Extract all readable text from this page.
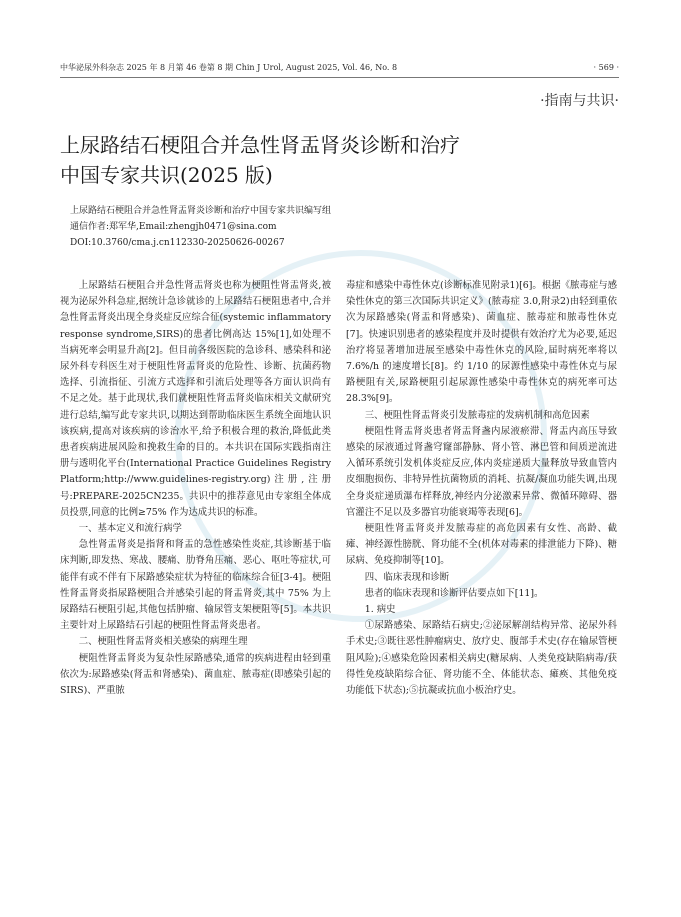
中华泌尿外科杂志 2025 年 8 月第 46 卷第 8 期 Chin J Urol, August 2025, Vol. 46, No. 8	· 569 ·
·指南与共识·
上尿路结石梗阻合并急性肾盂肾炎诊断和治疗
中国专家共识(2025 版)
上尿路结石梗阻合并急性肾盂肾炎诊断和治疗中国专家共识编写组
通信作者:郑军华,Email:zhengjh0471@sina.com
DOI:10.3760/cma.j.cn112330-20250626-00267

上尿路结石梗阻合并急性肾盂肾炎也称为梗阻性肾盂肾炎,被视为泌尿外科急症,据统计急诊就诊的上尿路结石梗阻患者中,合并急性肾盂肾炎出现全身炎症反应综合征(systemic inflammatory response syndrome,SIRS)的患者比例高达 15%[1],如处理不当病死率会明显升高[2]。但目前各级医院的急诊科、感染科和泌尿外科专科医生对于梗阻性肾盂肾炎的危险性、诊断、抗菌药物选择、引流指征、引流方式选择和引流后处理等各方面认识尚有不足之处。基于此现状,我们就梗阻性肾盂肾炎临床相关文献研究进行总结,编写此专家共识,以期达到帮助临床医生系统全面地认识该疾病,提高对该疾病的诊治水平,给予积极合理的救治,降低此类患者疾病进展风险和挽救生命的目的。本共识在国际实践指南注册与透明化平台(International Practice Guidelines Registry Platform;http://www.guidelines-registry.org)注册,注册号:PREPARE-2025CN235。共识中的推荐意见由专家组全体成员投票,同意的比例≥75% 作为达成共识的标准。

一、基本定义和流行病学

急性肾盂肾炎是指肾和肾盂的急性感染性炎症,其诊断基于临床判断,即发热、寒战、腰痛、肋脊角压痛、恶心、呕吐等症状,可能伴有或不伴有下尿路感染症状为特征的临床综合征[3-4]。梗阻性肾盂肾炎指尿路梗阻合并感染引起的肾盂肾炎,其中 75% 为上尿路结石梗阻引起,其他包括肿瘤、输尿管支架梗阻等[5]。本共识主要针对上尿路结石引起的梗阻性肾盂肾炎患者。

二、梗阻性肾盂肾炎相关感染的病理生理

梗阻性肾盂肾炎为复杂性尿路感染,通常的疾病进程由轻到重依次为:尿路感染(肾盂和肾感染)、菌血症、脓毒症(即感染引起的SIRS)、严重脓

毒症和感染中毒性休克(诊断标准见附录1)[6]。根据《脓毒症与感染性休克的第三次国际共识定义》(脓毒症 3.0,附录2)由轻到重依次为尿路感染(肾盂和肾感染)、菌血症、脓毒症和脓毒性休克[7]。快速识别患者的感染程度并及时提供有效治疗尤为必要,延迟治疗将显著增加进展至感染中毒性休克的风险,届时病死率将以 7.6%/h 的速度增长[8]。约 1/10 的尿源性感染中毒性休克与尿路梗阻有关,尿路梗阻引起尿源性感染中毒性休克的病死率可达 28.3%[9]。

三、梗阻性肾盂肾炎引发脓毒症的发病机制和高危因素

梗阻性肾盂肾炎患者肾盂肾盏内尿液瘀滞、肾盂内高压导致感染的尿液通过肾盏穹窿部静脉、肾小管、淋巴管和间质逆流进入循环系统引发机体炎症反应,体内炎症递质大量释放导致血管内皮细胞损伤、非特异性抗菌物质的消耗、抗凝/凝血功能失调,出现全身炎症递质瀑布样释放,神经内分泌激素异常、微循环障碍、器官灌注不足以及多器官功能衰竭等表现[6]。

梗阻性肾盂肾炎并发脓毒症的高危因素有女性、高龄、截瘫、神经源性膀胱、肾功能不全(机体对毒素的排泄能力下降)、糖尿病、免疫抑制等[10]。

四、临床表现和诊断

患者的临床表现和诊断评估要点如下[11]。

1. 病史

①尿路感染、尿路结石病史;②泌尿解剖结构异常、泌尿外科手术史;③既往恶性肿瘤病史、放疗史、腹部手术史(存在输尿管梗阻风险);④感染危险因素相关病史(糖尿病、人类免疫缺陷病毒/获得性免疫缺陷综合征、肾功能不全、体能状态、瘫痪、其他免疫功能低下状态);⑤抗凝或抗血小板治疗史。
